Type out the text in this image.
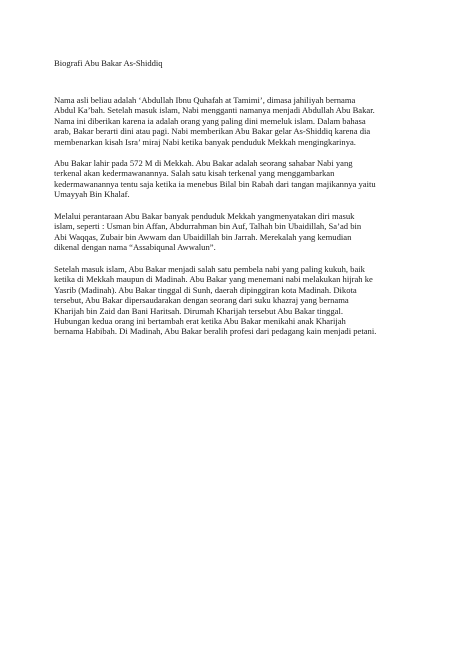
Biografi Abu Bakar As-Shiddiq

Nama asli beliau adalah ‘Abdullah Ibnu Quhafah at Tamimi’, dimasa jahiliyah bernama
Abdul Ka’bah. Setelah masuk islam, Nabi mengganti namanya menjadi Abdullah Abu Bakar.
Nama ini diberikan karena ia adalah orang yang paling dini memeluk islam. Dalam bahasa
arab, Bakar berarti dini atau pagi. Nabi memberikan Abu Bakar gelar As-Shiddiq karena dia
membenarkan kisah Isra’ miraj Nabi ketika banyak penduduk Mekkah mengingkarinya.

Abu Bakar lahir pada 572 M di Mekkah. Abu Bakar adalah seorang sahabar Nabi yang
terkenal akan kedermawanannya. Salah satu kisah terkenal yang menggambarkan
kedermawanannya tentu saja ketika ia menebus Bilal bin Rabah dari tangan majikannya yaitu
Umayyah Bin Khalaf.

Melalui perantaraan Abu Bakar banyak penduduk Mekkah yangmenyatakan diri masuk
islam, seperti : Usman bin Affan, Abdurrahman bin Auf, Talhah bin Ubaidillah, Sa’ad bin
Abi Waqqas, Zubair bin Awwam dan Ubaidillah bin Jarrah. Merekalah yang kemudian
dikenal dengan nama “Assabiqunal Awwalun”.

Setelah masuk islam, Abu Bakar menjadi salah satu pembela nabi yang paling kukuh, baik
ketika di Mekkah maupun di Madinah. Abu Bakar yang menemani nabi melakukan hijrah ke
Yasrib (Madinah). Abu Bakar tinggal di Sunh, daerah dipinggiran kota Madinah. Dikota
tersebut, Abu Bakar dipersaudarakan dengan seorang dari suku khazraj yang bernama
Kharijah bin Zaid dan Bani Haritsah. Dirumah Kharijah tersebut Abu Bakar tinggal.
Hubungan kedua orang ini bertambah erat ketika Abu Bakar menikahi anak Kharijah
bernama Habibah. Di Madinah, Abu Bakar beralih profesi dari pedagang kain menjadi petani.
